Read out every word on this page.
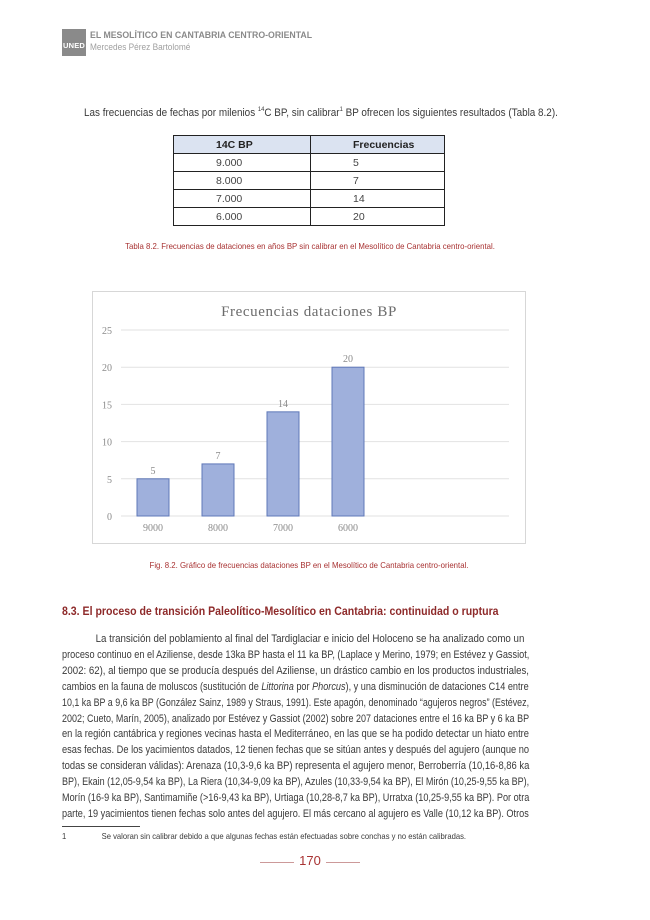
UNED
EL MESOLÍTICO EN CANTABRIA CENTRO-ORIENTAL
Mercedes Pérez Bartolomé

Las frecuencias de fechas por milenios $^{14}$C BP, sin calibrar$^1$ BP ofrecen los siguientes resultados (Tabla 8.2).

14C BP	Frecuencias
9.000	5
8.000	7
7.000	14
6.000	20
Tabla 8.2. Frecuencias de dataciones en años BP sin calibrar en el Mesolítico de Cantabria centro-oriental.
Frecuencias dataciones BP
0
5
10
15
20
25
5
7
14
20
9000	8000	7000	6000
Fig. 8.2. Gráfico de frecuencias dataciones BP en el Mesolítico de Cantabria centro-oriental.
8.3. El proceso de transición Paleolítico-Mesolítico en Cantabria: continuidad o ruptura
La transición del poblamiento al final del Tardiglaciar e inicio del Holoceno se ha analizado como un
proceso continuo en el Aziliense, desde 13ka BP hasta el 11 ka BP, (Laplace y Merino, 1979; en Estévez y Gassiot,
2002: 62), al tiempo que se producía después del Aziliense, un drástico cambio en los productos industriales,
cambios en la fauna de moluscos (sustitución de Littorina por Phorcus), y una disminución de dataciones C14 entre
10,1 ka BP a 9,6 ka BP (González Sainz, 1989 y Straus, 1991). Este apagón, denominado “agujeros negros” (Estévez,
2002; Cueto, Marín, 2005), analizado por Estévez y Gassiot (2002) sobre 207 dataciones entre el 16 ka BP y 6 ka BP
en la región cantábrica y regiones vecinas hasta el Mediterráneo, en las que se ha podido detectar un hiato entre
esas fechas. De los yacimientos datados, 12 tienen fechas que se sitúan antes y después del agujero (aunque no
todas se consideran válidas): Arenaza (10,3-9,6 ka BP) representa el agujero menor, Berroberría (10,16-8,86 ka
BP), Ekain (12,05-9,54 ka BP), La Riera (10,34-9,09 ka BP), Azules (10,33-9,54 ka BP), El Mirón (10,25-9,55 ka BP),
Morín (16-9 ka BP), Santimamiñe (>16-9,43 ka BP), Urtiaga (10,28-8,7 ka BP), Urratxa (10,25-9,55 ka BP). Por otra
parte, 19 yacimientos tienen fechas solo antes del agujero. El más cercano al agujero es Valle (10,12 ka BP). Otros
1	Se valoran sin calibrar debido a que algunas fechas están efectuadas sobre conchas y no están calibradas.
170
